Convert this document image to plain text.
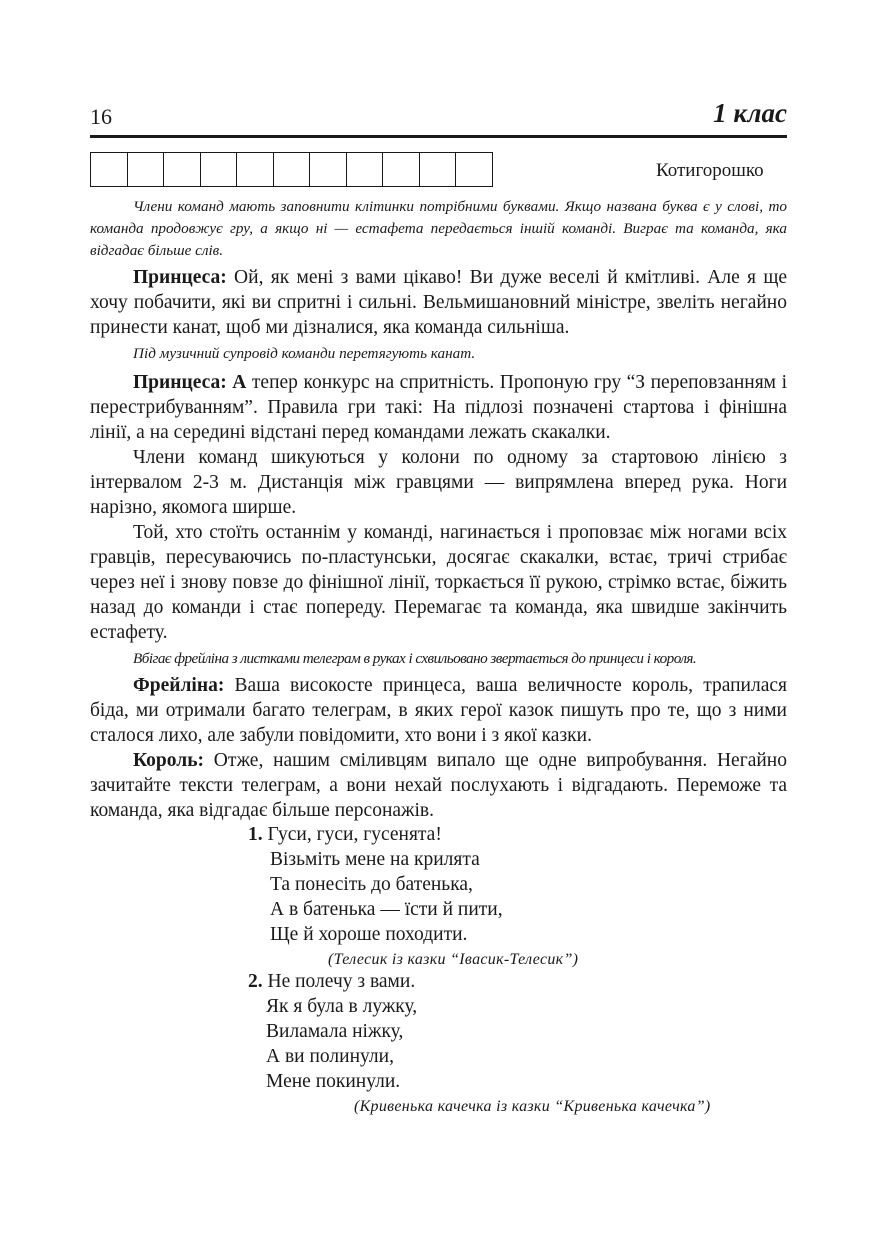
16	1 клас
Котигорошко

Члени команд мають заповнити клітинки потрібними буквами. Якщо названа буква є у слові, то команда продовжує гру, а якщо ні — естафета передається іншій команді. Виграє та команда, яка відгадає більше слів.

Принцеса: Ой, як мені з вами цікаво! Ви дуже веселі й кмітливі. Але я ще хочу побачити, які ви спритні і сильні. Вельмишановний міністре, звеліть негайно принести канат, щоб ми дізналися, яка команда сильніша.

Під музичний супровід команди перетягують канат.

Принцеса: А тепер конкурс на спритність. Пропоную гру “З переповзанням і перестрибуванням”. Правила гри такі: На підлозі позначені стартова і фінішна лінії, а на середині відстані перед командами лежать скакалки.

Члени команд шикуються у колони по одному за стартовою лінією з інтервалом 2-3 м. Дистанція між гравцями — випрямлена вперед рука. Ноги нарізно, якомога ширше.

Той, хто стоїть останнім у команді, нагинається і проповзає між ногами всіх гравців, пересуваючись по-пластунськи, досягає скакалки, встає, тричі стрибає через неї і знову повзе до фінішної лінії, торкається її рукою, стрімко встає, біжить назад до команди і стає попереду. Перемагає та команда, яка швидше закінчить естафету.

Вбігає фрейліна з листками телеграм в руках і схвильовано звертається до принцеси і короля.

Фрейліна: Ваша високосте принцеса, ваша величносте король, трапилася біда, ми отримали багато телеграм, в яких герої казок пишуть про те, що з ними сталося лихо, але забули повідомити, хто вони і з якої казки.

Король: Отже, нашим сміливцям випало ще одне випробування. Негайно зачитайте тексти телеграм, а вони нехай послухають і відгадають. Переможе та команда, яка відгадає більше персонажів.

1. Гуси, гуси, гусенята!
Візьміть мене на крилята
Та понесіть до батенька,
А в батенька — їсти й пити,
Ще й хороше походити.
(Телесик із казки “Івасик-Телесик”)
2. Не полечу з вами.
Як я була в лужку,
Виламала ніжку,
А ви полинули,
Мене покинули.
(Кривенька качечка із казки “Кривенька качечка”)
